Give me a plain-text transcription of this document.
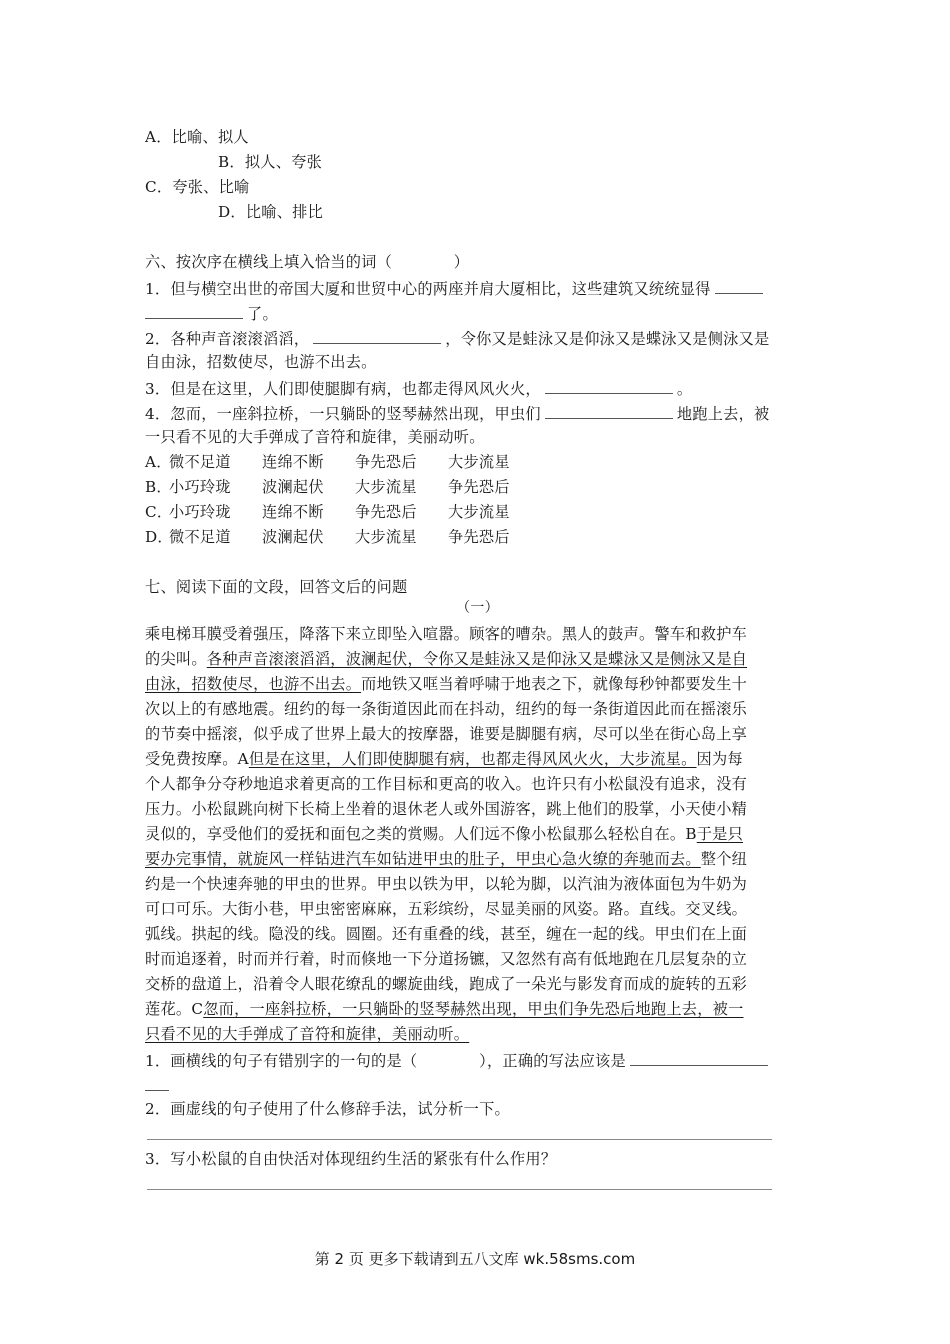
A．比喻、拟人
B．拟人、夸张
C．夸张、比喻
D．比喻、排比
六、按次序在横线上填入恰当的词（　　　　）
1．但与横空出世的帝国大厦和世贸中心的两座并肩大厦相比，这些建筑又统统显得
了。
2．各种声音滚滚滔滔，	，令你又是蛙泳又是仰泳又是蝶泳又是侧泳又是
自由泳，招数使尽，也游不出去。
3．但是在这里，人们即使腿脚有病，也都走得风风火火，	。
4．忽而，一座斜拉桥，一只躺卧的竖琴赫然出现，甲虫们	地跑上去，被
一只看不见的大手弹成了音符和旋律，美丽动听。
A．微不足道 连绵不断 争先恐后 大步流星
B．小巧玲珑 波澜起伏 大步流星 争先恐后
C．小巧玲珑 连绵不断 争先恐后 大步流星
D．微不足道 波澜起伏 大步流星 争先恐后
七、阅读下面的文段，回答文后的问题
（一）
乘电梯耳膜受着强压，降落下来立即坠入喧嚣。顾客的嘈杂。黑人的鼓声。警车和救护车
的尖叫。各种声音滚滚滔滔，波澜起伏，令你又是蛙泳又是仰泳又是蝶泳又是侧泳又是自
由泳，招数使尽，也游不出去。而地铁又哐当着呼啸于地表之下，就像每秒钟都要发生十
次以上的有感地震。纽约的每一条街道因此而在抖动，纽约的每一条街道因此而在摇滚乐
的节奏中摇滚，似乎成了世界上最大的按摩器，谁要是脚腿有病，尽可以坐在街心岛上享
受免费按摩。A但是在这里，人们即使脚腿有病，也都走得风风火火，大步流星。因为每
个人都争分夺秒地追求着更高的工作目标和更高的收入。也许只有小松鼠没有追求，没有
压力。小松鼠跳向树下长椅上坐着的退休老人或外国游客，跳上他们的股掌，小天使小精
灵似的，享受他们的爱抚和面包之类的赏赐。人们远不像小松鼠那么轻松自在。B于是只
要办完事情，就旋风一样钻进汽车如钻进甲虫的肚子，甲虫心急火缭的奔驰而去。整个纽
约是一个快速奔驰的甲虫的世界。甲虫以铁为甲，以轮为脚，以汽油为液体面包为牛奶为
可口可乐。大街小巷，甲虫密密麻麻，五彩缤纷，尽显美丽的风姿。路。直线。交叉线。
弧线。拱起的线。隐没的线。圆圈。还有重叠的线，甚至，缠在一起的线。甲虫们在上面
时而追逐着，时而并行着，时而倏地一下分道扬镳，又忽然有高有低地跑在几层复杂的立
交桥的盘道上，沿着令人眼花缭乱的螺旋曲线，跑成了一朵光与影发育而成的旋转的五彩
莲花。C忽而，一座斜拉桥，一只躺卧的竖琴赫然出现，甲虫们争先恐后地跑上去，被一
只看不见的大手弹成了音符和旋律，美丽动听。
1．画横线的句子有错别字的一句的是（　　　　），正确的写法应该是
2．画虚线的句子使用了什么修辞手法，试分析一下。
3．写小松鼠的自由快活对体现纽约生活的紧张有什么作用？
第 2 页 更多下载请到五八文库 wk.58sms.com
